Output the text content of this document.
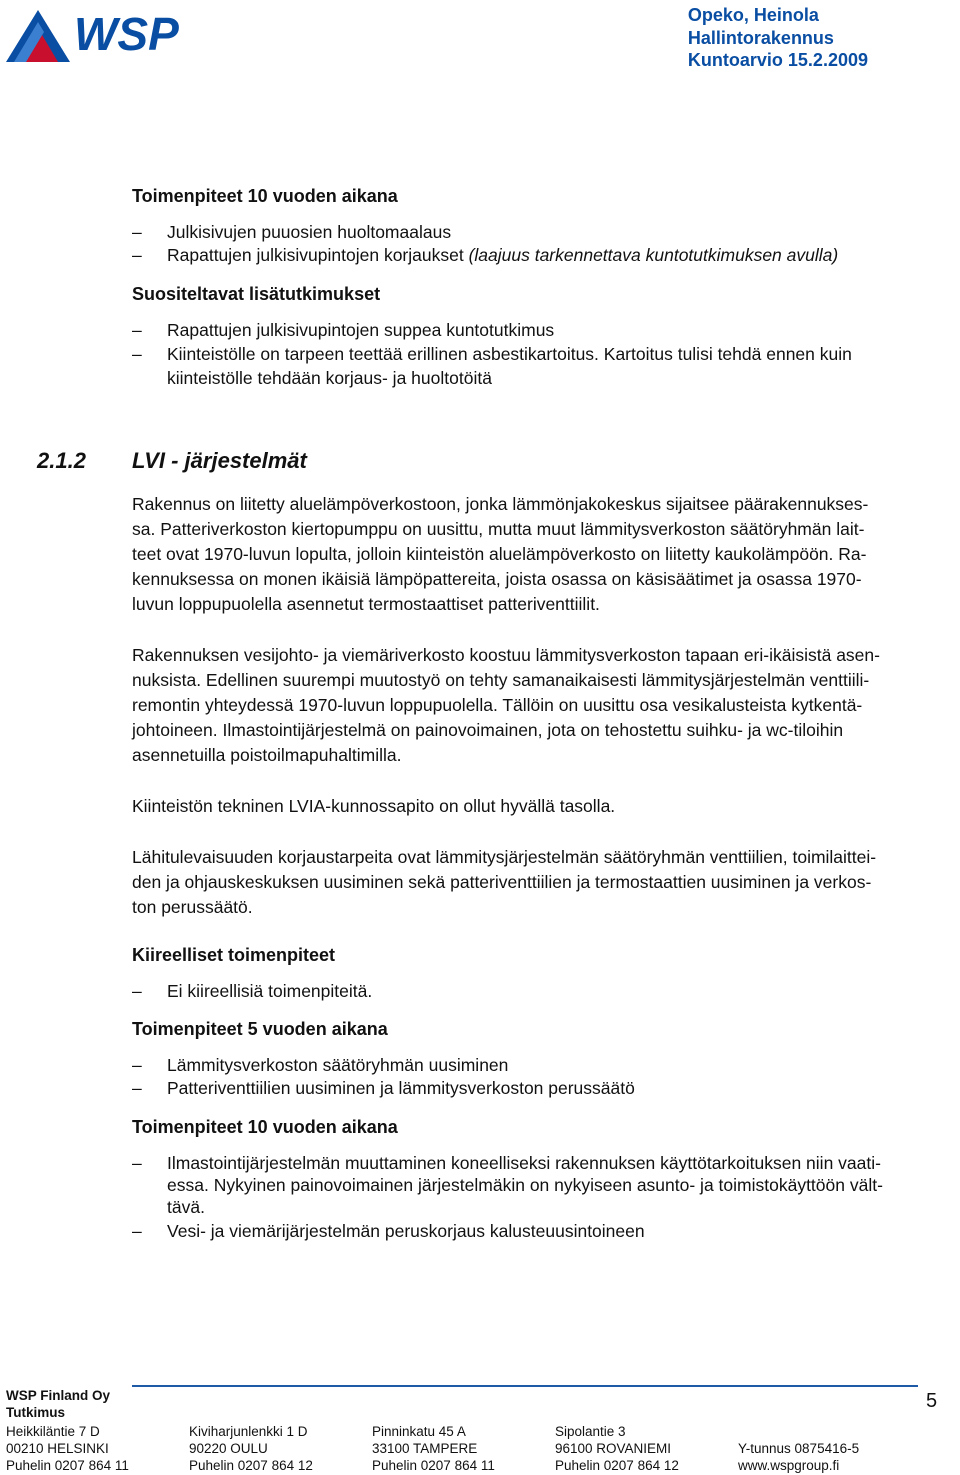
WSP	Opeko, Heinola
Hallintorakennus
Kuntoarvio 15.2.2009
Toimenpiteet 10 vuoden aikana
–	Julkisivujen puuosien huoltomaalaus
–	Rapattujen julkisivupintojen korjaukset (laajuus tarkennettava kuntotutkimuksen avulla)
Suositeltavat lisätutkimukset
–	Rapattujen julkisivupintojen suppea kuntotutkimus
–	Kiinteistölle on tarpeen teettää erillinen asbestikartoitus. Kartoitus tulisi tehdä ennen kuin
kiinteistölle tehdään korjaus- ja huoltotöitä
2.1.2 LVI - järjestelmät
Rakennus on liitetty aluelämpöverkostoon, jonka lämmönjakokeskus sijaitsee päärakennukses-
sa. Patteriverkoston kiertopumppu on uusittu, mutta muut lämmitysverkoston säätöryhmän lait-
teet ovat 1970-luvun lopulta, jolloin kiinteistön aluelämpöverkosto on liitetty kaukolämpöön. Ra-
kennuksessa on monen ikäisiä lämpöpattereita, joista osassa on käsisäätimet ja osassa 1970-
luvun loppupuolella asennetut termostaattiset patteriventtiilit.
Rakennuksen vesijohto- ja viemäriverkosto koostuu lämmitysverkoston tapaan eri-ikäisistä asen-
nuksista. Edellinen suurempi muutostyö on tehty samanaikaisesti lämmitysjärjestelmän venttiili-
remontin yhteydessä 1970-luvun loppupuolella. Tällöin on uusittu osa vesikalusteista kytkentä-
johtoineen. Ilmastointijärjestelmä on painovoimainen, jota on tehostettu suihku- ja wc-tiloihin
asennetuilla poistoilmapuhaltimilla.
Kiinteistön tekninen LVIA-kunnossapito on ollut hyvällä tasolla.
Lähitulevaisuuden korjaustarpeita ovat lämmitysjärjestelmän säätöryhmän venttiilien, toimilaittei-
den ja ohjauskeskuksen uusiminen sekä patteriventtiilien ja termostaattien uusiminen ja verkos-
ton perussäätö.
Kiireelliset toimenpiteet
–	Ei kiireellisiä toimenpiteitä.
Toimenpiteet 5 vuoden aikana
–	Lämmitysverkoston säätöryhmän uusiminen
–	Patteriventtiilien uusiminen ja lämmitysverkoston perussäätö
Toimenpiteet 10 vuoden aikana
–	Ilmastointijärjestelmän muuttaminen koneelliseksi rakennuksen käyttötarkoituksen niin vaati-
essa. Nykyinen painovoimainen järjestelmäkin on nykyiseen asunto- ja toimistokäyttöön vält-
tävä.
–	Vesi- ja viemärijärjestelmän peruskorjaus kalusteuusintoineen
WSP Finland Oy
Tutkimus
5
Heikkiläntie 7 D
00210 HELSINKI
Puhelin 0207 864 11
Kiviharjunlenkki 1 D
90220 OULU
Puhelin 0207 864 12
Pinninkatu 45 A
33100 TAMPERE
Puhelin 0207 864 11
Sipolantie 3
96100 ROVANIEMI
Puhelin 0207 864 12

Y-tunnus 0875416-5
www.wspgroup.fi
